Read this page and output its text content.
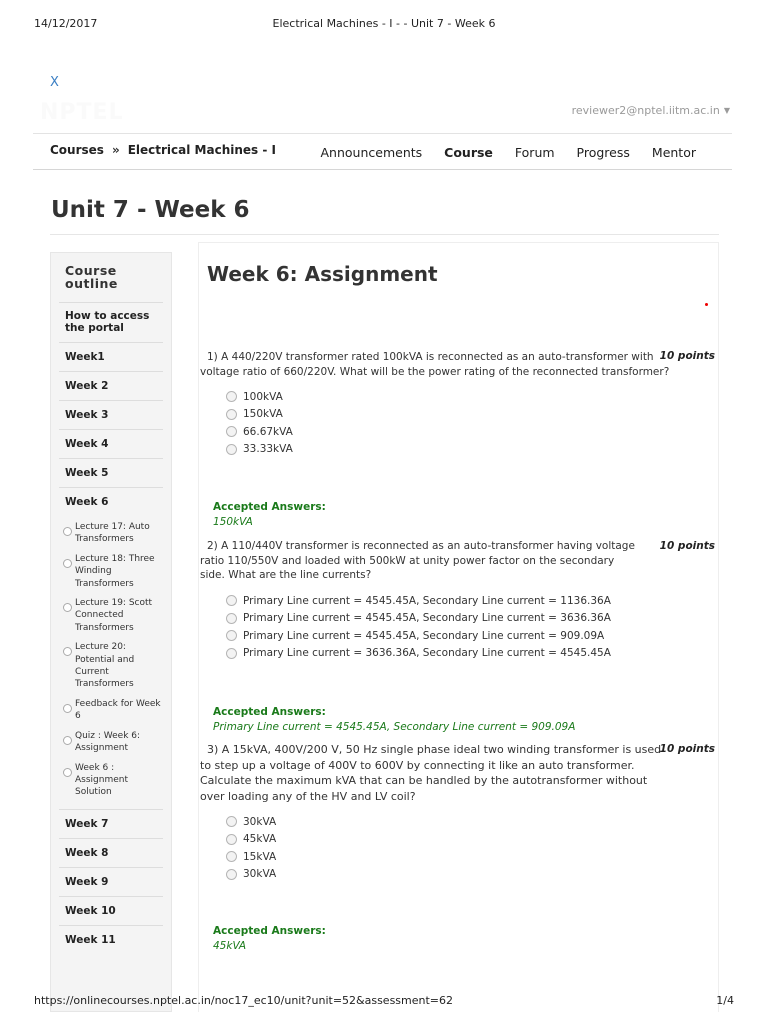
14/12/2017	Electrical Machines - I - - Unit 7 - Week 6
X
NPTEL	reviewer2@nptel.iitm.ac.in ▼
Courses » Electrical Machines - I	Announcements Course Forum Progress Mentor
Unit 7 - Week 6
Course outline
How to access the portal
Week1
Week 2
Week 3
Week 4
Week 5
Week 6
Lecture 17: Auto Transformers
Lecture 18: Three Winding Transformers
Lecture 19: Scott Connected Transformers
Lecture 20: Potential and Current Transformers
Feedback for Week 6
Quiz : Week 6: Assignment
Week 6 : Assignment Solution
Week 7
Week 8
Week 9
Week 10
Week 11
Week 6: Assignment
1) A 440/220V transformer rated 100kVA is reconnected as an auto-transformer with voltage ratio of 660/220V. What will be the power rating of the reconnected transformer?
10 points
100kVA
150kVA
66.67kVA
33.33kVA
Accepted Answers:
150kVA
2) A 110/440V transformer is reconnected as an auto-transformer having voltage ratio 110/550V and loaded with 500kW at unity power factor on the secondary side. What are the line currents?
10 points
Primary Line current = 4545.45A, Secondary Line current = 1136.36A
Primary Line current = 4545.45A, Secondary Line current = 3636.36A
Primary Line current = 4545.45A, Secondary Line current = 909.09A
Primary Line current = 3636.36A, Secondary Line current = 4545.45A
Accepted Answers:
Primary Line current = 4545.45A, Secondary Line current = 909.09A
3) A 15kVA, 400V/200 V, 50 Hz single phase ideal two winding transformer is used to step up a voltage of 400V to 600V by connecting it like an auto transformer. Calculate the maximum kVA that can be handled by the autotransformer without over loading any of the HV and LV coil?
10 points
30kVA
45kVA
15kVA
30kVA
Accepted Answers:
45kVA
https://onlinecourses.nptel.ac.in/noc17_ec10/unit?unit=52&assessment=62	1/4
